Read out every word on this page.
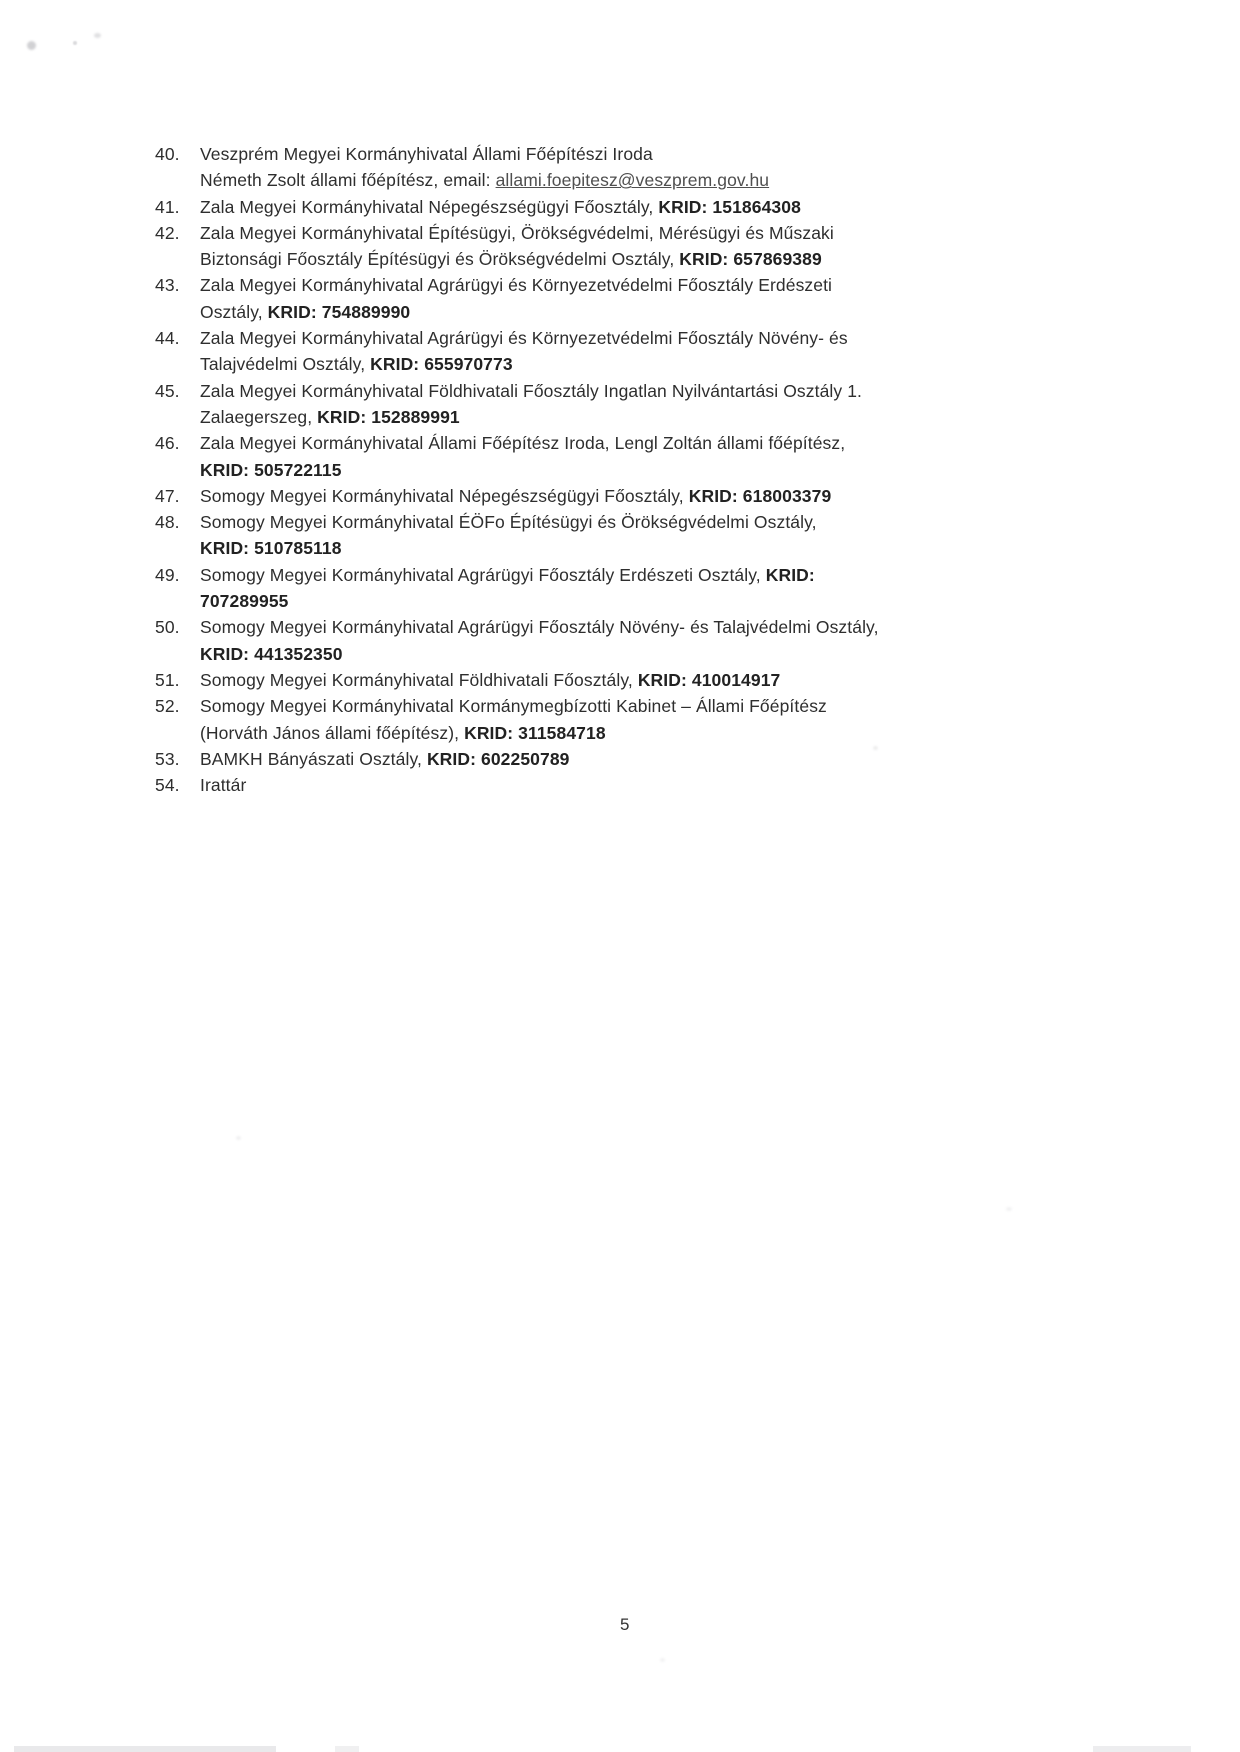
40.	Veszprém Megyei Kormányhivatal Állami Főépítészi Iroda
Németh Zsolt állami főépítész, email: allami.foepitesz@veszprem.gov.hu
41.	Zala Megyei Kormányhivatal Népegészségügyi Főosztály, KRID: 151864308
42.	Zala Megyei Kormányhivatal Építésügyi, Örökségvédelmi, Mérésügyi és Műszaki
Biztonsági Főosztály Építésügyi és Örökségvédelmi Osztály, KRID: 657869389
43.	Zala Megyei Kormányhivatal Agrárügyi és Környezetvédelmi Főosztály Erdészeti
Osztály, KRID: 754889990
44.	Zala Megyei Kormányhivatal Agrárügyi és Környezetvédelmi Főosztály Növény- és
Talajvédelmi Osztály, KRID: 655970773
45.	Zala Megyei Kormányhivatal Földhivatali Főosztály Ingatlan Nyilvántartási Osztály 1.
Zalaegerszeg, KRID: 152889991
46.	Zala Megyei Kormányhivatal Állami Főépítész Iroda, Lengl Zoltán állami főépítész,
KRID: 505722115
47.	Somogy Megyei Kormányhivatal Népegészségügyi Főosztály, KRID: 618003379
48.	Somogy Megyei Kormányhivatal ÉÖFo Építésügyi és Örökségvédelmi Osztály,
KRID: 510785118
49.	Somogy Megyei Kormányhivatal Agrárügyi Főosztály Erdészeti Osztály, KRID:
707289955
50.	Somogy Megyei Kormányhivatal Agrárügyi Főosztály Növény- és Talajvédelmi Osztály,
KRID: 441352350
51.	Somogy Megyei Kormányhivatal Földhivatali Főosztály, KRID: 410014917
52.	Somogy Megyei Kormányhivatal Kormánymegbízotti Kabinet – Állami Főépítész
(Horváth János állami főépítész), KRID: 311584718
53.	BAMKH Bányászati Osztály, KRID: 602250789
54.	Irattár
5
